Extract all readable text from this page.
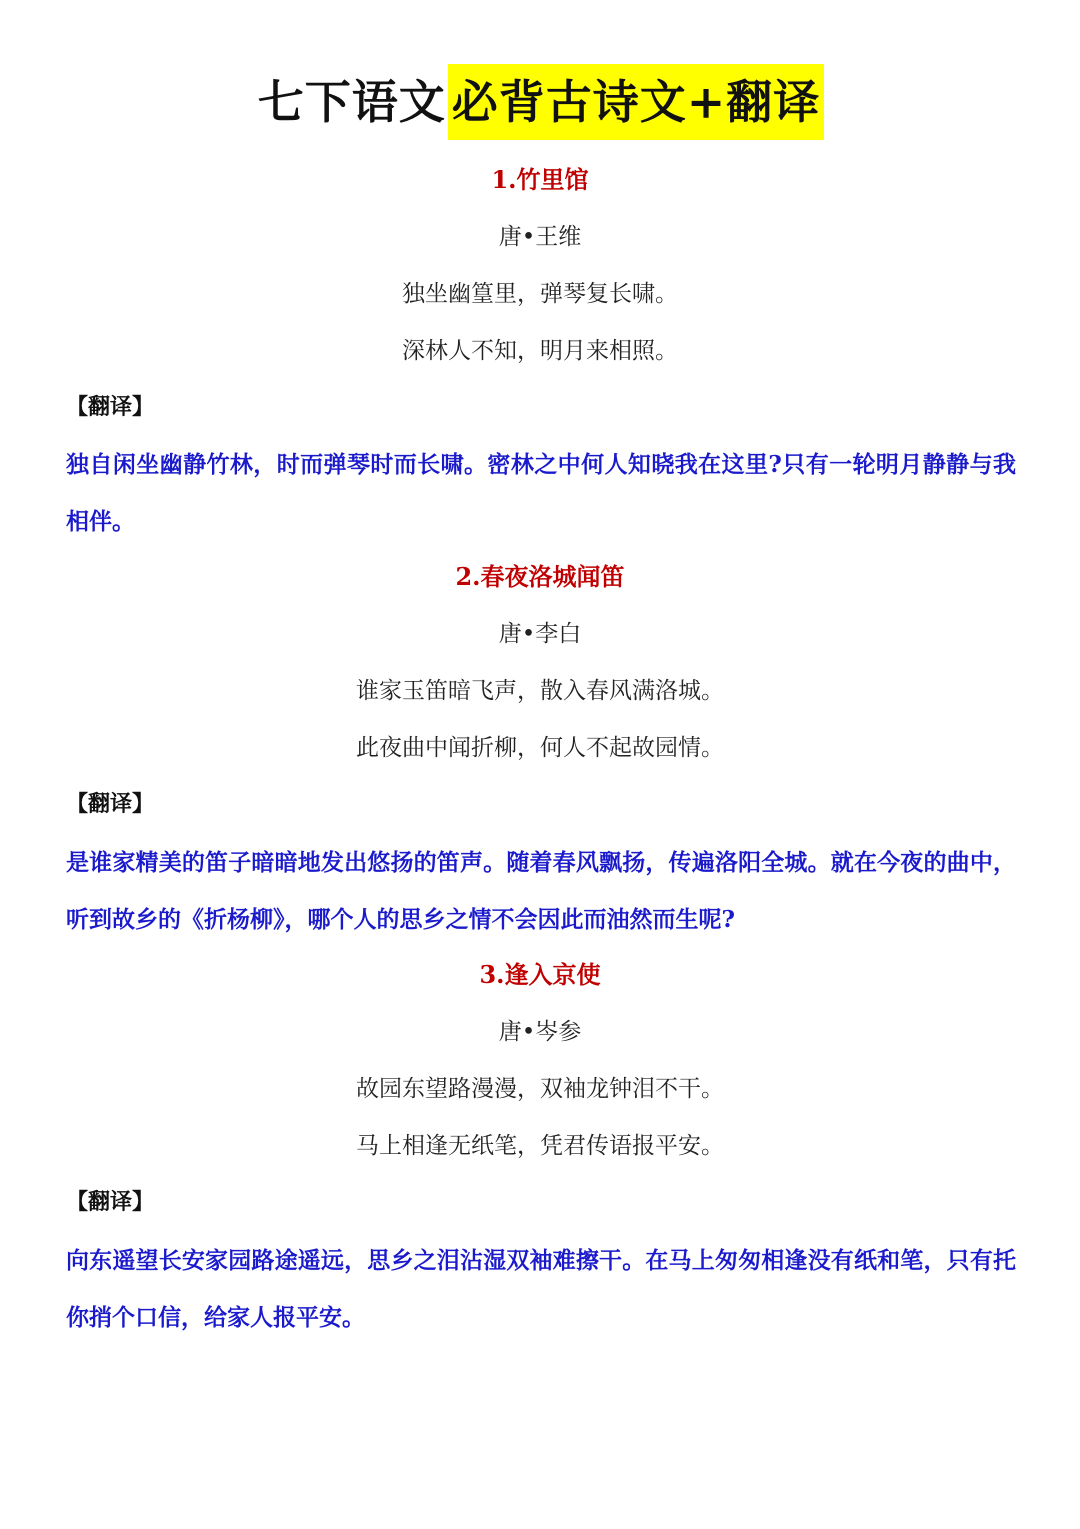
七下语文 必背古诗文+翻译
1.竹里馆
唐•王维
独坐幽篁里，弹琴复长啸。
深林人不知，明月来相照。
【翻译】
独自闲坐幽静竹林，时而弹琴时而长啸。密林之中何人知晓我在这里?只有一轮明月静静与我相伴。
2.春夜洛城闻笛
唐•李白
谁家玉笛暗飞声，散入春风满洛城。
此夜曲中闻折柳，何人不起故园情。
【翻译】
是谁家精美的笛子暗暗地发出悠扬的笛声。随着春风飘扬，传遍洛阳全城。就在今夜的曲中，听到故乡的《折杨柳》，哪个人的思乡之情不会因此而油然而生呢?
3.逢入京使
唐•岑参
故园东望路漫漫，双袖龙钟泪不干。
马上相逢无纸笔，凭君传语报平安。
【翻译】
向东遥望长安家园路途遥远，思乡之泪沾湿双袖难擦干。在马上匆匆相逢没有纸和笔，只有托你捎个口信，给家人报平安。
